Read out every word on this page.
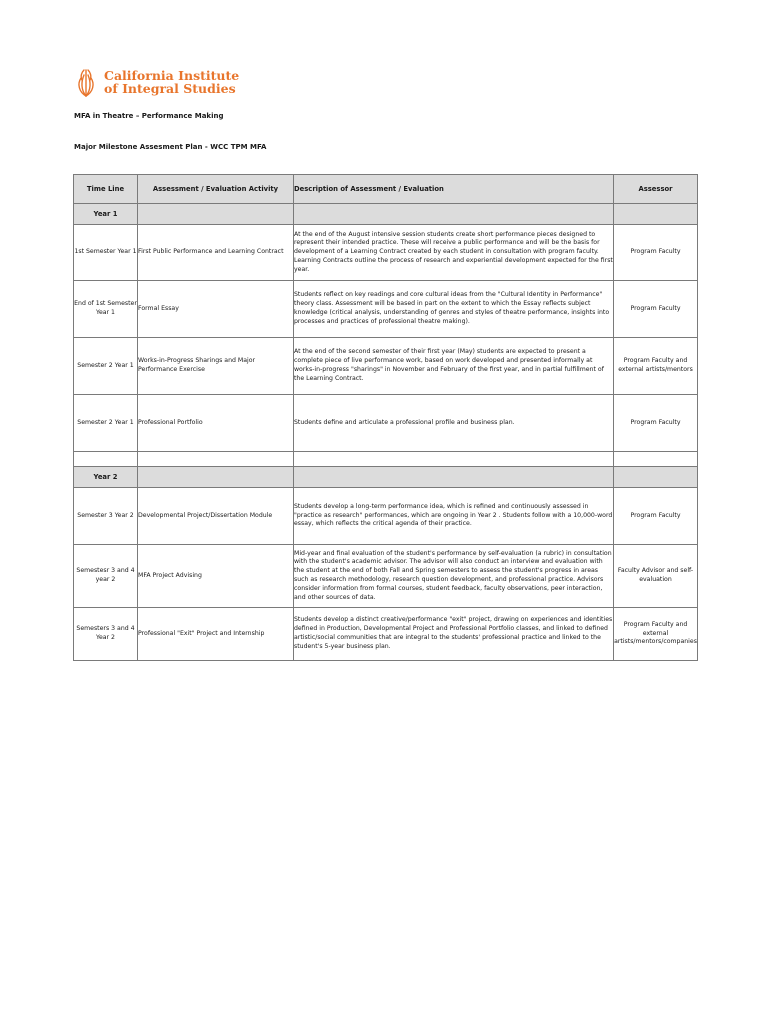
California Institute
of Integral Studies
MFA in Theatre – Performance Making
Major Milestone Assesment Plan - WCC TPM MFA
Time Line	Assessment / Evaluation Activity	Description of Assessment / Evaluation	Assessor
Year 1			
1st Semester Year 1	First Public Performance and Learning Contract	At the end of the August intensive session students create short performance pieces designed to represent their intended practice. These will receive a public performance and will be the basis for development of a Learning Contract created by each student in consultation with program faculty. Learning Contracts outline the process of research and experiential development expected for the first year.	Program Faculty
End of 1st Semester Year 1	Formal Essay	Students reflect on key readings and core cultural ideas from the "Cultural Identity in Performance" theory class. Assessment will be based in part on the extent to which the Essay reflects subject knowledge (critical analysis, understanding of genres and styles of theatre performance, insights into processes and practices of professional theatre making).	Program Faculty
Semester 2 Year 1	Works-in-Progress Sharings and Major Performance Exercise	At the end of the second semester of their first year (May) students are expected to present a complete piece of live performance work, based on work developed and presented informally at works-in-progress "sharings" in November and February of the first year, and in partial fulfillment of the Learning Contract.	Program Faculty and external artists/mentors
Semester 2 Year 1	Professional Portfolio	Students define and articulate a professional profile and business plan.	Program Faculty

Year 2			
Semester 3 Year 2	Developmental Project/Dissertation Module	Students develop a long-term performance idea, which is refined and continuously assessed in "practice as research" performances, which are ongoing in Year 2 . Students follow with a 10,000-word essay, which reflects the critical agenda of their practice.	Program Faculty
Semestesr 3 and 4 year 2	MFA Project Advising	Mid-year and final evaluation of the student's performance by self-evaluation (a rubric) in consultation with the student's academic advisor. The advisor will also conduct an interview and evaluation with the student at the end of both Fall and Spring semesters to assess the student's progress in areas such as research methodology, research question development, and professional practice. Advisors consider information from formal courses, student feedback, faculty observations, peer interaction, and other sources of data.	Faculty Advisor and self-evaluation
Semesters 3 and 4 Year 2	Professional "Exit" Project and Internship	Students develop a distinct creative/performance "exit" project, drawing on experiences and identities defined in Production, Developmental Project and Professional Portfolio classes, and linked to defined artistic/social communities that are integral to the students' professional practice and linked to the student's 5-year business plan.	Program Faculty and external artists/mentors/companies
